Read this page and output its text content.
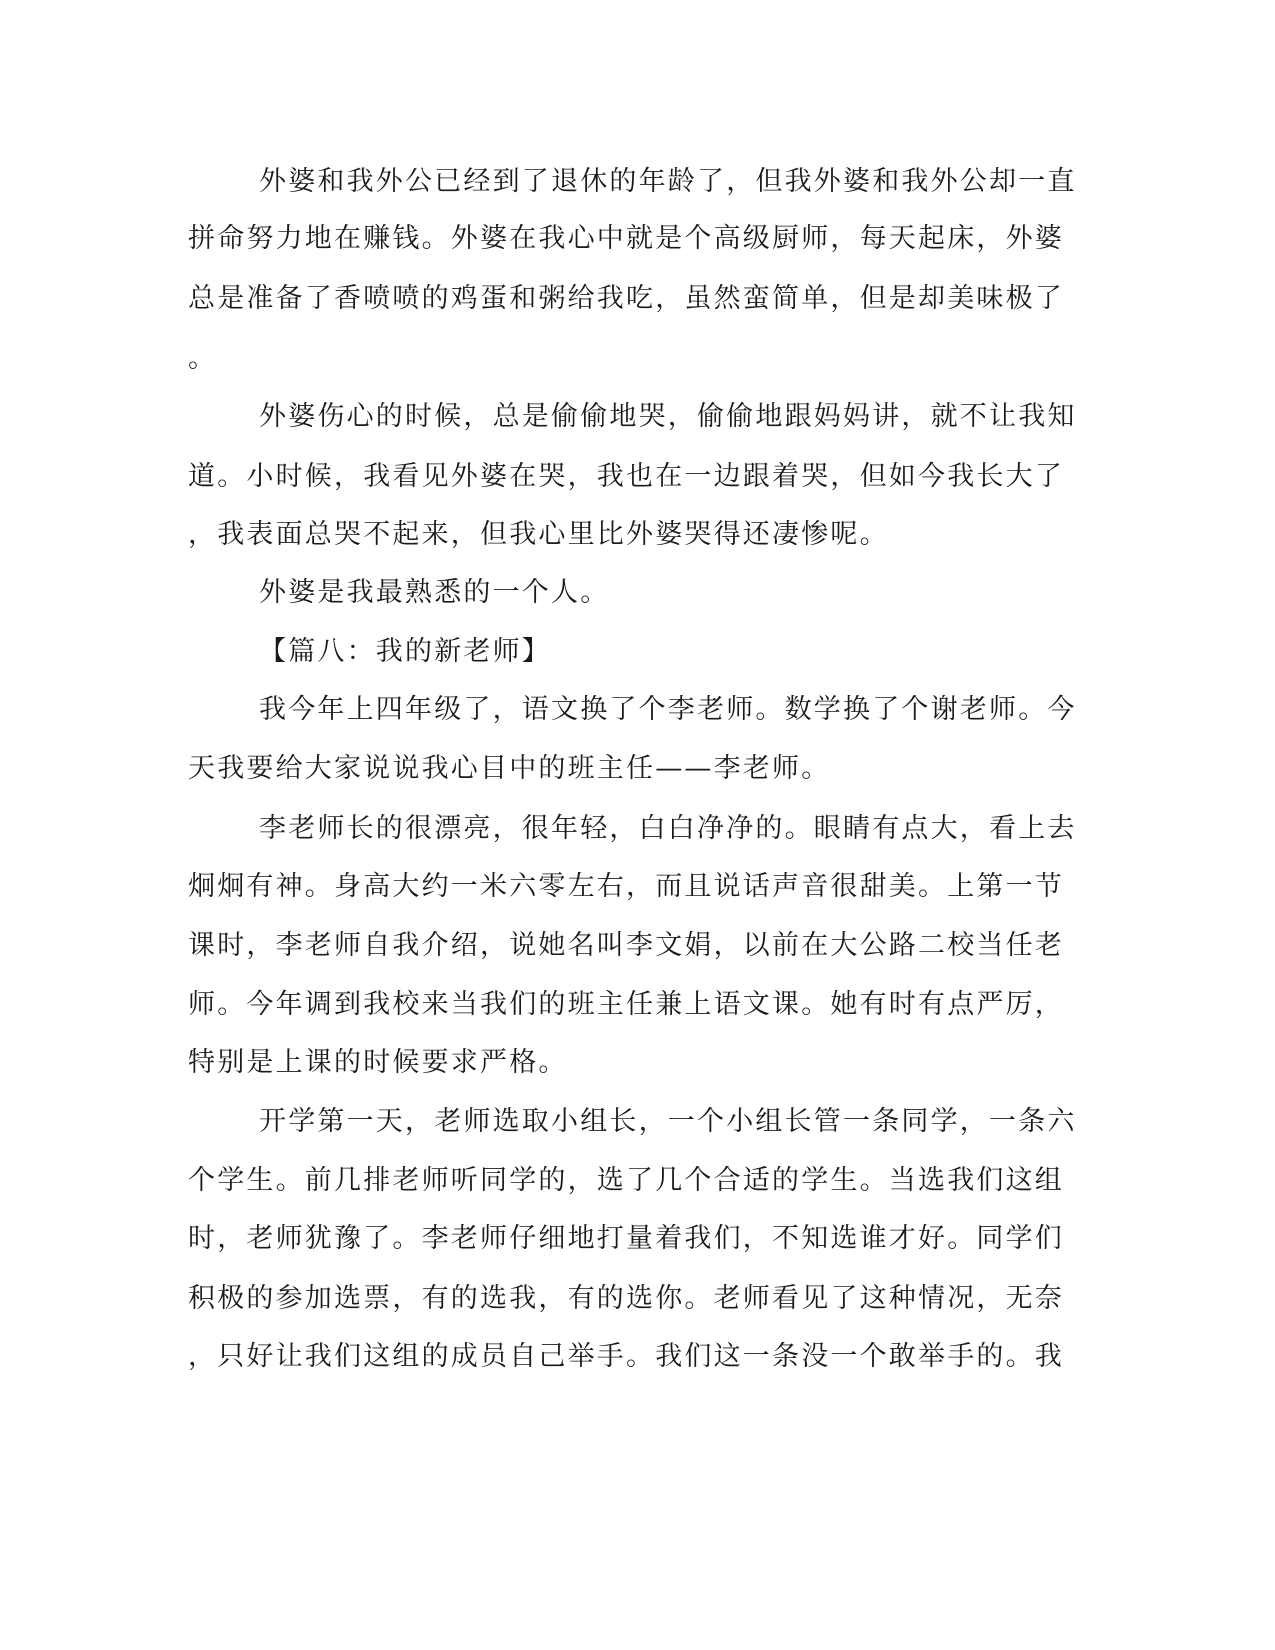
外婆和我外公已经到了退休的年龄了，但我外婆和我外公却一直
拼命努力地在赚钱。外婆在我心中就是个高级厨师，每天起床，外婆
总是准备了香喷喷的鸡蛋和粥给我吃，虽然蛮简单，但是却美味极了
。
外婆伤心的时候，总是偷偷地哭，偷偷地跟妈妈讲，就不让我知
道。小时候，我看见外婆在哭，我也在一边跟着哭，但如今我长大了
，我表面总哭不起来，但我心里比外婆哭得还凄惨呢。
外婆是我最熟悉的一个人。
【篇八：我的新老师】
我今年上四年级了，语文换了个李老师。数学换了个谢老师。今
天我要给大家说说我心目中的班主任——李老师。
李老师长的很漂亮，很年轻，白白净净的。眼睛有点大，看上去
炯炯有神。身高大约一米六零左右，而且说话声音很甜美。上第一节
课时，李老师自我介绍，说她名叫李文娟，以前在大公路二校当任老
师。今年调到我校来当我们的班主任兼上语文课。她有时有点严厉，
特别是上课的时候要求严格。
开学第一天，老师选取小组长，一个小组长管一条同学，一条六
个学生。前几排老师听同学的，选了几个合适的学生。当选我们这组
时，老师犹豫了。李老师仔细地打量着我们，不知选谁才好。同学们
积极的参加选票，有的选我，有的选你。老师看见了这种情况，无奈
，只好让我们这组的成员自己举手。我们这一条没一个敢举手的。我
